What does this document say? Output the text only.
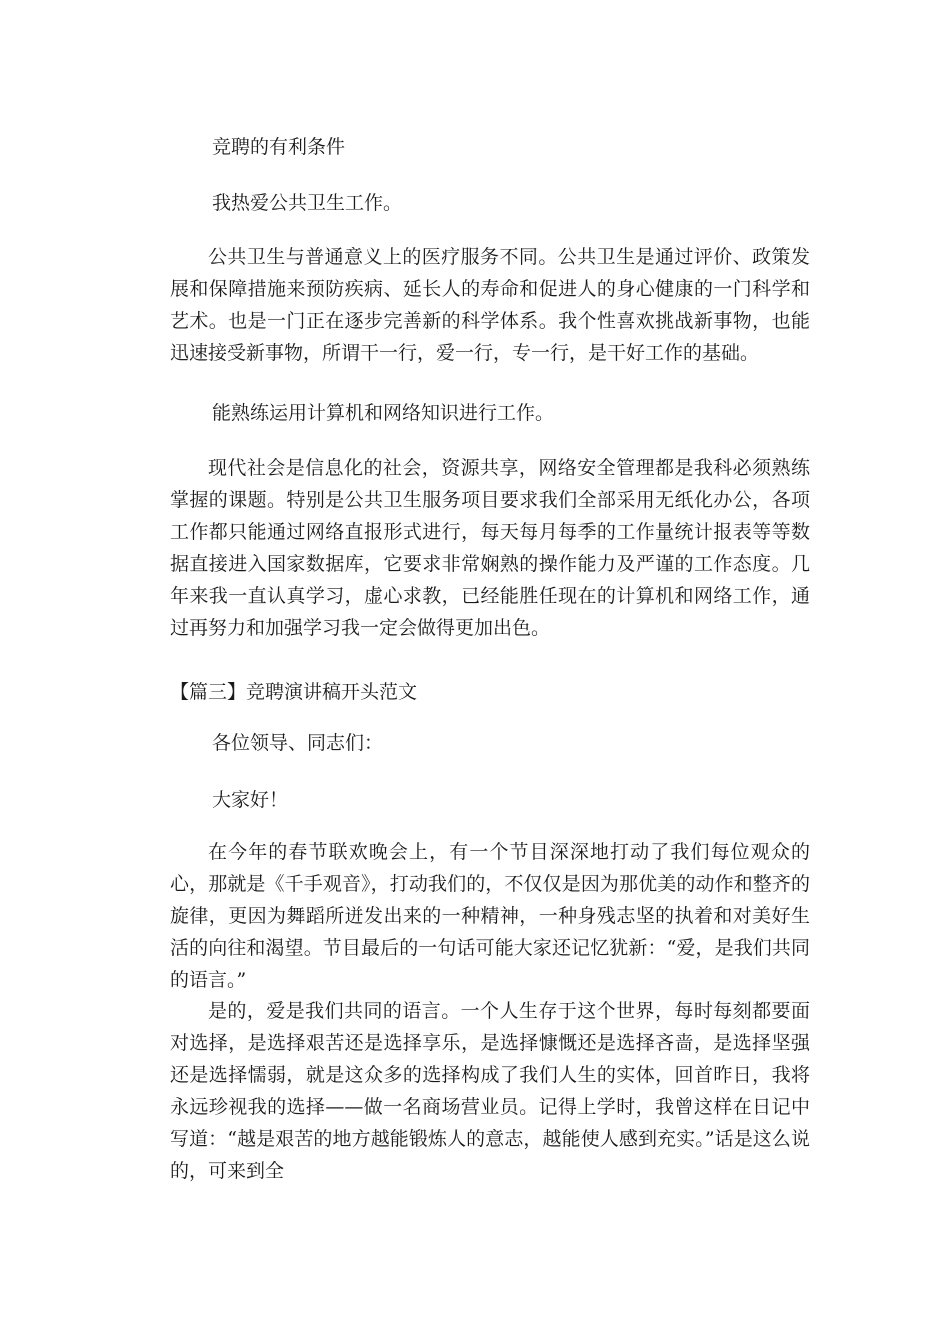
竞聘的有利条件
我热爱公共卫生工作。
公共卫生与普通意义上的医疗服务不同。公共卫生是通过评价、政策发展和保障措施来预防疾病、延长人的寿命和促进人的身心健康的一门科学和艺术。也是一门正在逐步完善新的科学体系。我个性喜欢挑战新事物，也能迅速接受新事物，所谓干一行，爱一行，专一行，是干好工作的基础。
能熟练运用计算机和网络知识进行工作。
现代社会是信息化的社会，资源共享，网络安全管理都是我科必须熟练掌握的课题。特别是公共卫生服务项目要求我们全部采用无纸化办公，各项工作都只能通过网络直报形式进行，每天每月每季的工作量统计报表等等数据直接进入国家数据库，它要求非常娴熟的操作能力及严谨的工作态度。几年来我一直认真学习，虚心求教，已经能胜任现在的计算机和网络工作，通过再努力和加强学习我一定会做得更加出色。
【篇三】竞聘演讲稿开头范文
各位领导、同志们：
大家好！
在今年的春节联欢晚会上，有一个节目深深地打动了我们每位观众的心，那就是《千手观音》，打动我们的，不仅仅是因为那优美的动作和整齐的旋律，更因为舞蹈所迸发出来的一种精神，一种身残志坚的执着和对美好生活的向往和渴望。节目最后的一句话可能大家还记忆犹新：“爱，是我们共同的语言。”
是的，爱是我们共同的语言。一个人生存于这个世界，每时每刻都要面对选择，是选择艰苦还是选择享乐，是选择慷慨还是选择吝啬，是选择坚强还是选择懦弱，就是这众多的选择构成了我们人生的实体，回首昨日，我将永远珍视我的选择——做一名商场营业员。记得上学时，我曾这样在日记中写道：“越是艰苦的地方越能锻炼人的意志，越能使人感到充实。”话是这么说的，可来到全
